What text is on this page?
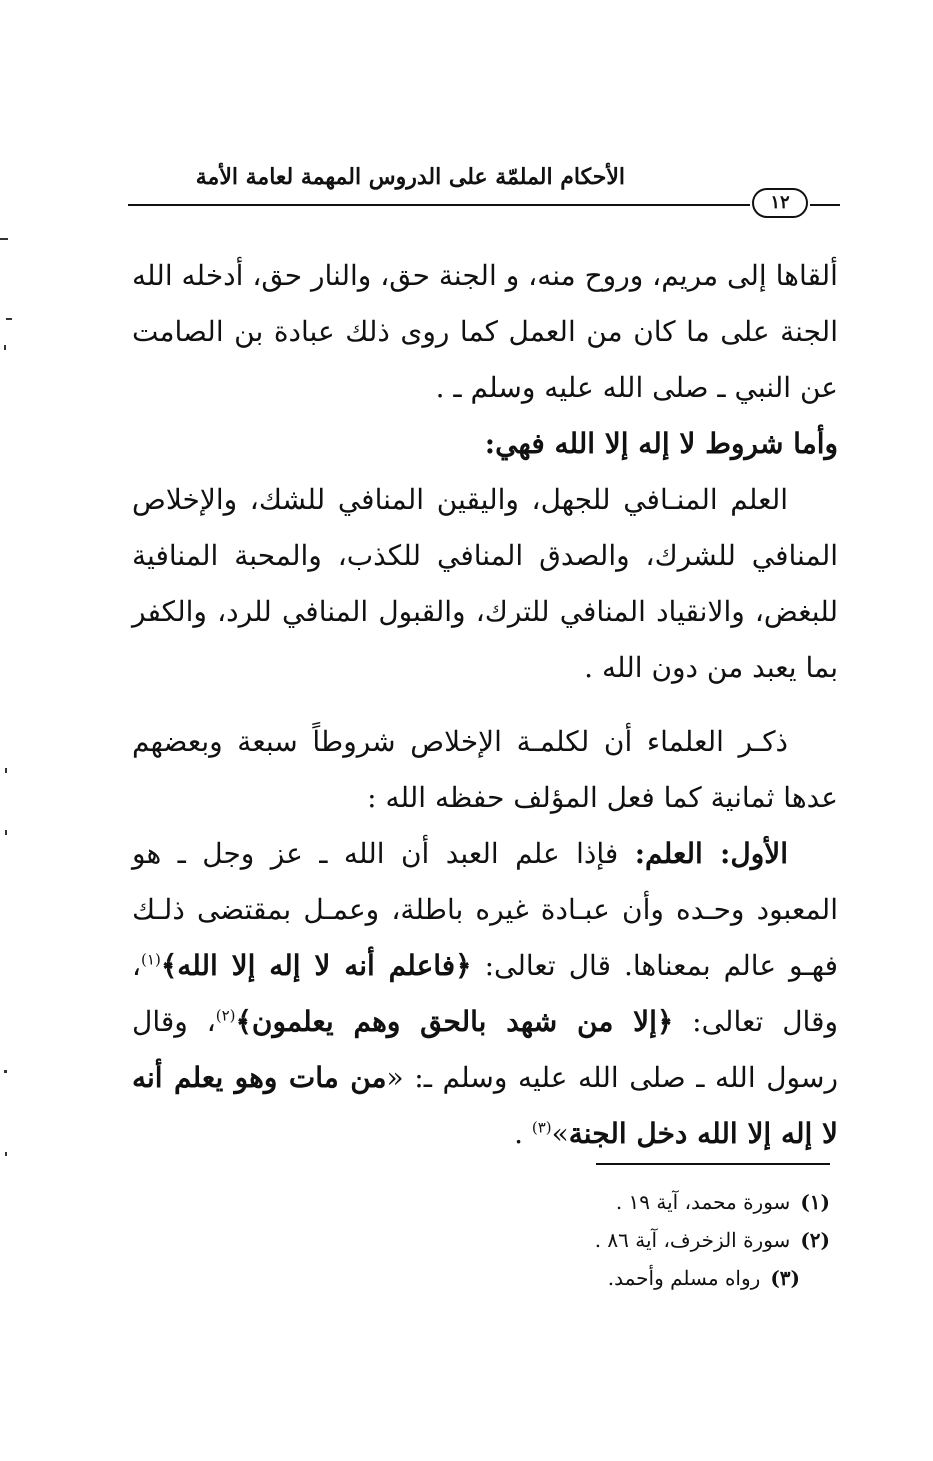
الأحكام الملمّة على الدروس المهمة لعامة الأمة
١٢

ألقاها إلى مريم، وروح منه، و الجنة حق، والنار حق، أدخله الله الجنة على ما كان من العمل كما روى ذلك عبادة بن الصامت عن النبي ـ صلى الله عليه وسلم ـ .

وأما شروط لا إله إلا الله فهي:

العلم المنـافي للجهل، واليقين المنافي للشك، والإخلاص المنافي للشرك، والصدق المنافي للكذب، والمحبة المنافية للبغض، والانقياد المنافي للترك، والقبول المنافي للرد، والكفر بما يعبد من دون الله .

ذكـر العلماء أن لكلمـة الإخلاص شروطاً سبعة وبعضهم عدها ثمانية كما فعل المؤلف حفظه الله :

الأول: العلم: فإذا علم العبد أن الله ـ عز وجل ـ هو المعبود وحـده وأن عبـادة غيره باطلة، وعمـل بمقتضى ذلـك فهـو عالم بمعناها. قال تعالى: ﴿فاعلم أنه لا إله إلا الله﴾$^{(١)}$، وقال تعالى: ﴿إلا من شهد بالحق وهم يعلمون﴾$^{(٢)}$، وقال رسول الله ـ صلى الله عليه وسلم ـ: «من مات وهو يعلم أنه لا إله إلا الله دخل الجنة»$^{(٣)}$ .

(١)سورة محمد، آية ١٩ .
(٢)سورة الزخرف، آية ٨٦ .
(٣)رواه مسلم وأحمد.
